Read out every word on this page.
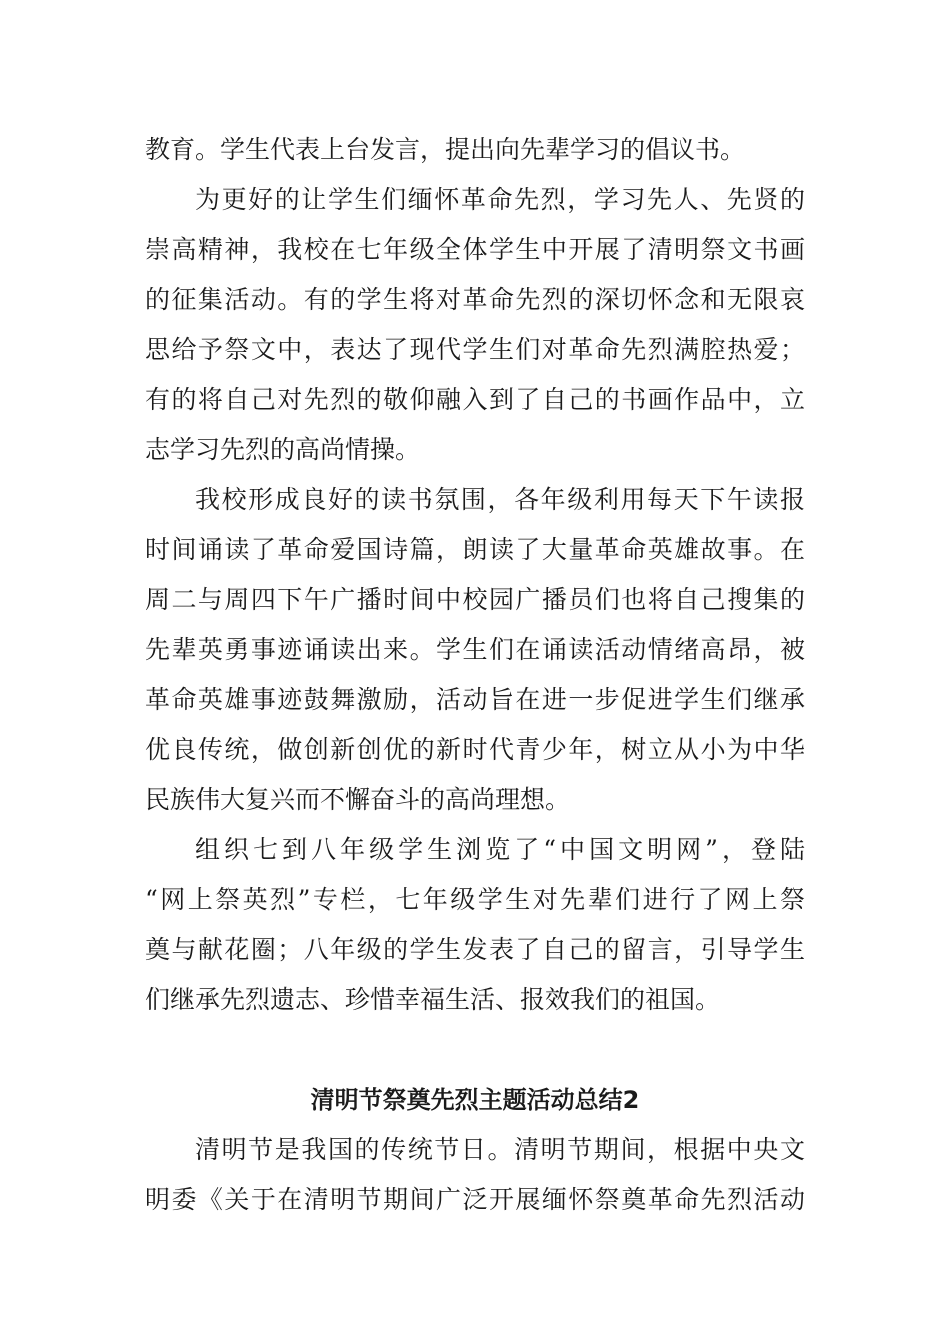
教育。学生代表上台发言，提出向先辈学习的倡议书。
为更好的让学生们缅怀革命先烈，学习先人、先贤的
崇高精神，我校在七年级全体学生中开展了清明祭文书画
的征集活动。有的学生将对革命先烈的深切怀念和无限哀
思给予祭文中，表达了现代学生们对革命先烈满腔热爱；
有的将自己对先烈的敬仰融入到了自己的书画作品中，立
志学习先烈的高尚情操。
我校形成良好的读书氛围，各年级利用每天下午读报
时间诵读了革命爱国诗篇，朗读了大量革命英雄故事。在
周二与周四下午广播时间中校园广播员们也将自己搜集的
先辈英勇事迹诵读出来。学生们在诵读活动情绪高昂，被
革命英雄事迹鼓舞激励，活动旨在进一步促进学生们继承
优良传统，做创新创优的新时代青少年，树立从小为中华
民族伟大复兴而不懈奋斗的高尚理想。
组织七到八年级学生浏览了“中国文明网”，登陆
“网上祭英烈”专栏，七年级学生对先辈们进行了网上祭
奠与献花圈；八年级的学生发表了自己的留言，引导学生
们继承先烈遗志、珍惜幸福生活、报效我们的祖国。
清明节祭奠先烈主题活动总结2
清明节是我国的传统节日。清明节期间，根据中央文
明委《关于在清明节期间广泛开展缅怀祭奠革命先烈活动
